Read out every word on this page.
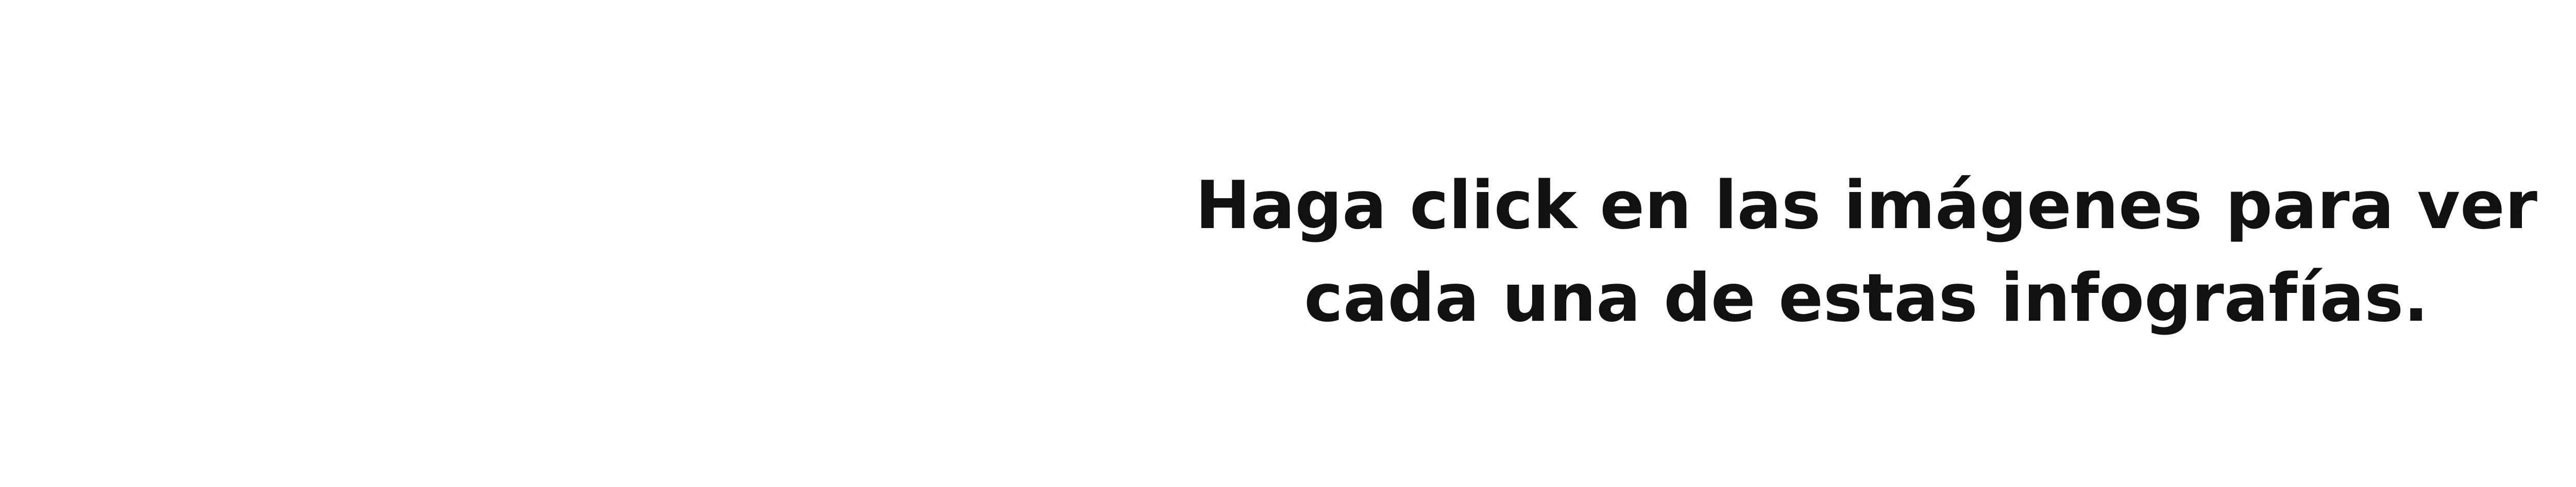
Haga click en las imágenes para ver
cada una de estas infografías.
